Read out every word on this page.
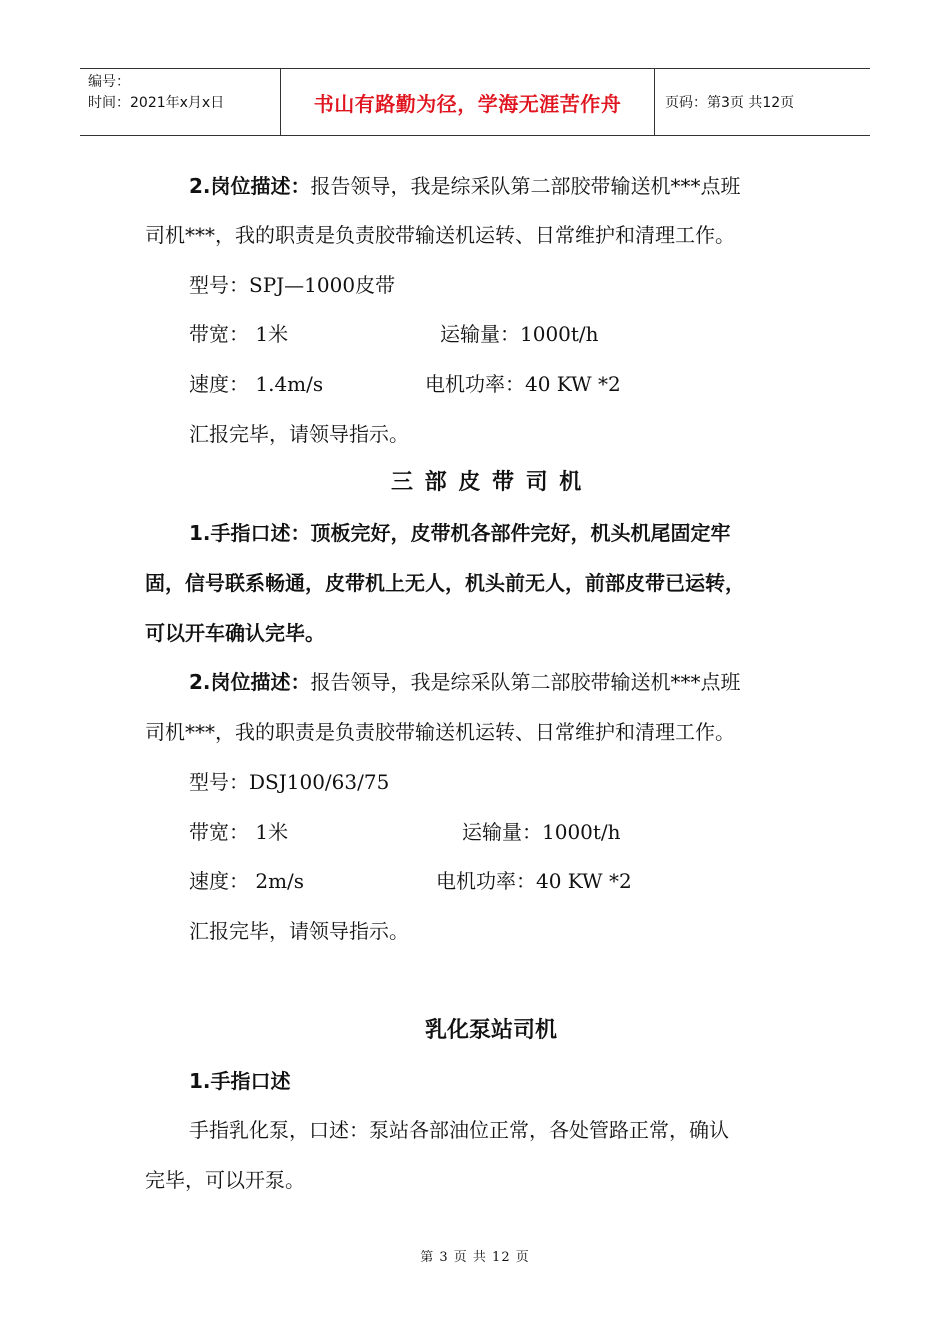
编号：
时间：2021年x月x日	书山有路勤为径，学海无涯苦作舟	页码：第3页 共12页
2.岗位描述：报告领导，我是综采队第二部胶带输送机***点班
司机***，我的职责是负责胶带输送机运转、日常维护和清理工作。
型号：SPJ—1000皮带
带宽： 1米	运输量：1000t/h
速度： 1.4m/s	电机功率：40 KW *2
汇报完毕，请领导指示。
三 部 皮 带 司 机
1.手指口述：顶板完好，皮带机各部件完好，机头机尾固定牢
固，信号联系畅通，皮带机上无人，机头前无人，前部皮带已运转，
可以开车确认完毕。
2.岗位描述：报告领导，我是综采队第二部胶带输送机***点班
司机***，我的职责是负责胶带输送机运转、日常维护和清理工作。
型号：DSJ100/63/75
带宽： 1米	运输量：1000t/h
速度： 2m/s	电机功率：40 KW *2
汇报完毕，请领导指示。
乳化泵站司机
1.手指口述
手指乳化泵，口述：泵站各部油位正常，各处管路正常，确认
完毕，可以开泵。
第 3 页 共 12 页
